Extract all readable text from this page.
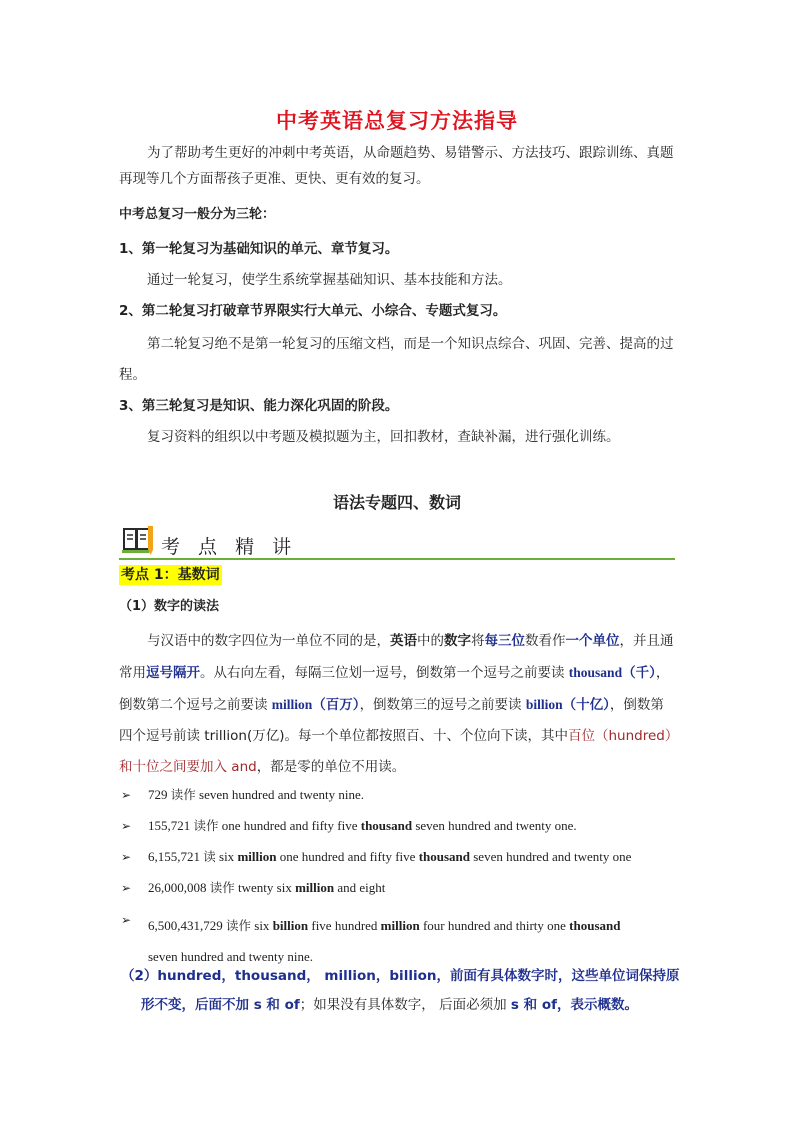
中考英语总复习方法指导
为了帮助考生更好的冲刺中考英语，从命题趋势、易错警示、方法技巧、跟踪训练、真题再现等几个方面帮孩子更准、更快、更有效的复习。
中考总复习一般分为三轮：
1、第一轮复习为基础知识的单元、章节复习。
通过一轮复习，使学生系统掌握基础知识、基本技能和方法。
2、第二轮复习打破章节界限实行大单元、小综合、专题式复习。
第二轮复习绝不是第一轮复习的压缩文档，而是一个知识点综合、巩固、完善、提高的过程。
3、第三轮复习是知识、能力深化巩固的阶段。
复习资料的组织以中考题及模拟题为主，回扣教材，查缺补漏，进行强化训练。
语法专题四、数词
考 点 精 讲
考点 1：基数词
（1）数字的读法
与汉语中的数字四位为一单位不同的是，英语中的数字将每三位数看作一个单位，并且通常用逗号隔开。从右向左看，每隔三位划一逗号，倒数第一个逗号之前要读 thousand（千），倒数第二个逗号之前要读 million（百万），倒数第三的逗号之前要读 billion（十亿），倒数第四个逗号前读 trillion(万亿)。每一个单位都按照百、十、个位向下读，其中百位（hundred）和十位之间要加入 and，都是零的单位不用读。
➢ 729 读作 seven hundred and twenty nine.
➢ 155,721 读作 one hundred and fifty five thousand seven hundred and twenty one.
➢ 6,155,721 读 six million one hundred and fifty five thousand seven hundred and twenty one
➢ 26,000,008 读作 twenty six million and eight
➢ 6,500,431,729 读作 six billion five hundred million four hundred and thirty one thousand
seven hundred and twenty nine.
（2）hundred，thousand， million，billion，前面有具体数字时，这些单位词保持原形不变，后面不加 s 和 of；如果没有具体数字， 后面必须加 s 和 of，表示概数。
